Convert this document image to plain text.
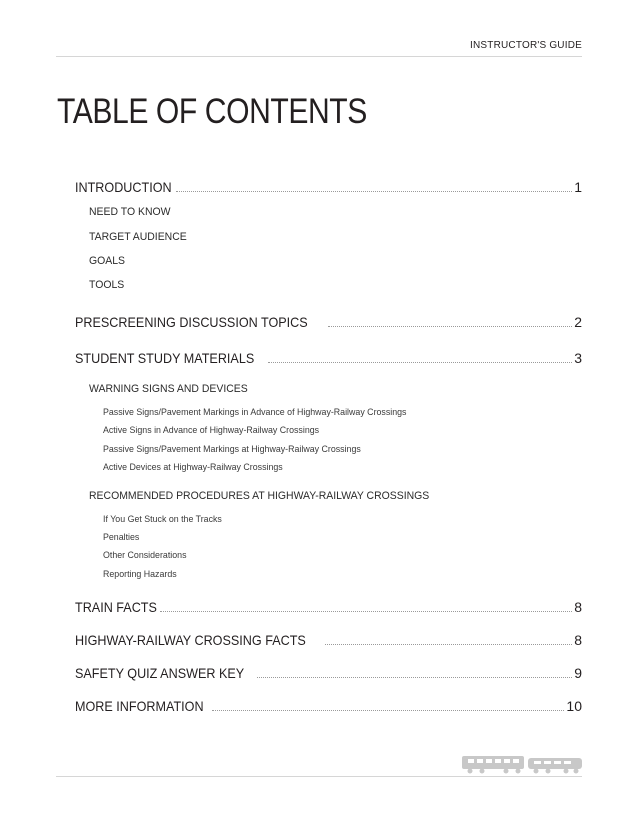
INSTRUCTOR'S GUIDE
TABLE OF CONTENTS
INTRODUCTION	1
NEED TO KNOW
TARGET AUDIENCE
GOALS
TOOLS
PRESCREENING DISCUSSION TOPICS	2
STUDENT STUDY MATERIALS	3
WARNING SIGNS AND DEVICES
Passive Signs/Pavement Markings in Advance of Highway-Railway Crossings
Active Signs in Advance of Highway-Railway Crossings
Passive Signs/Pavement Markings at Highway-Railway Crossings
Active Devices at Highway-Railway Crossings
RECOMMENDED PROCEDURES AT HIGHWAY-RAILWAY CROSSINGS
If You Get Stuck on the Tracks
Penalties
Other Considerations
Reporting Hazards
TRAIN FACTS	8
HIGHWAY-RAILWAY CROSSING FACTS	8
SAFETY QUIZ ANSWER KEY	9
MORE INFORMATION	10
